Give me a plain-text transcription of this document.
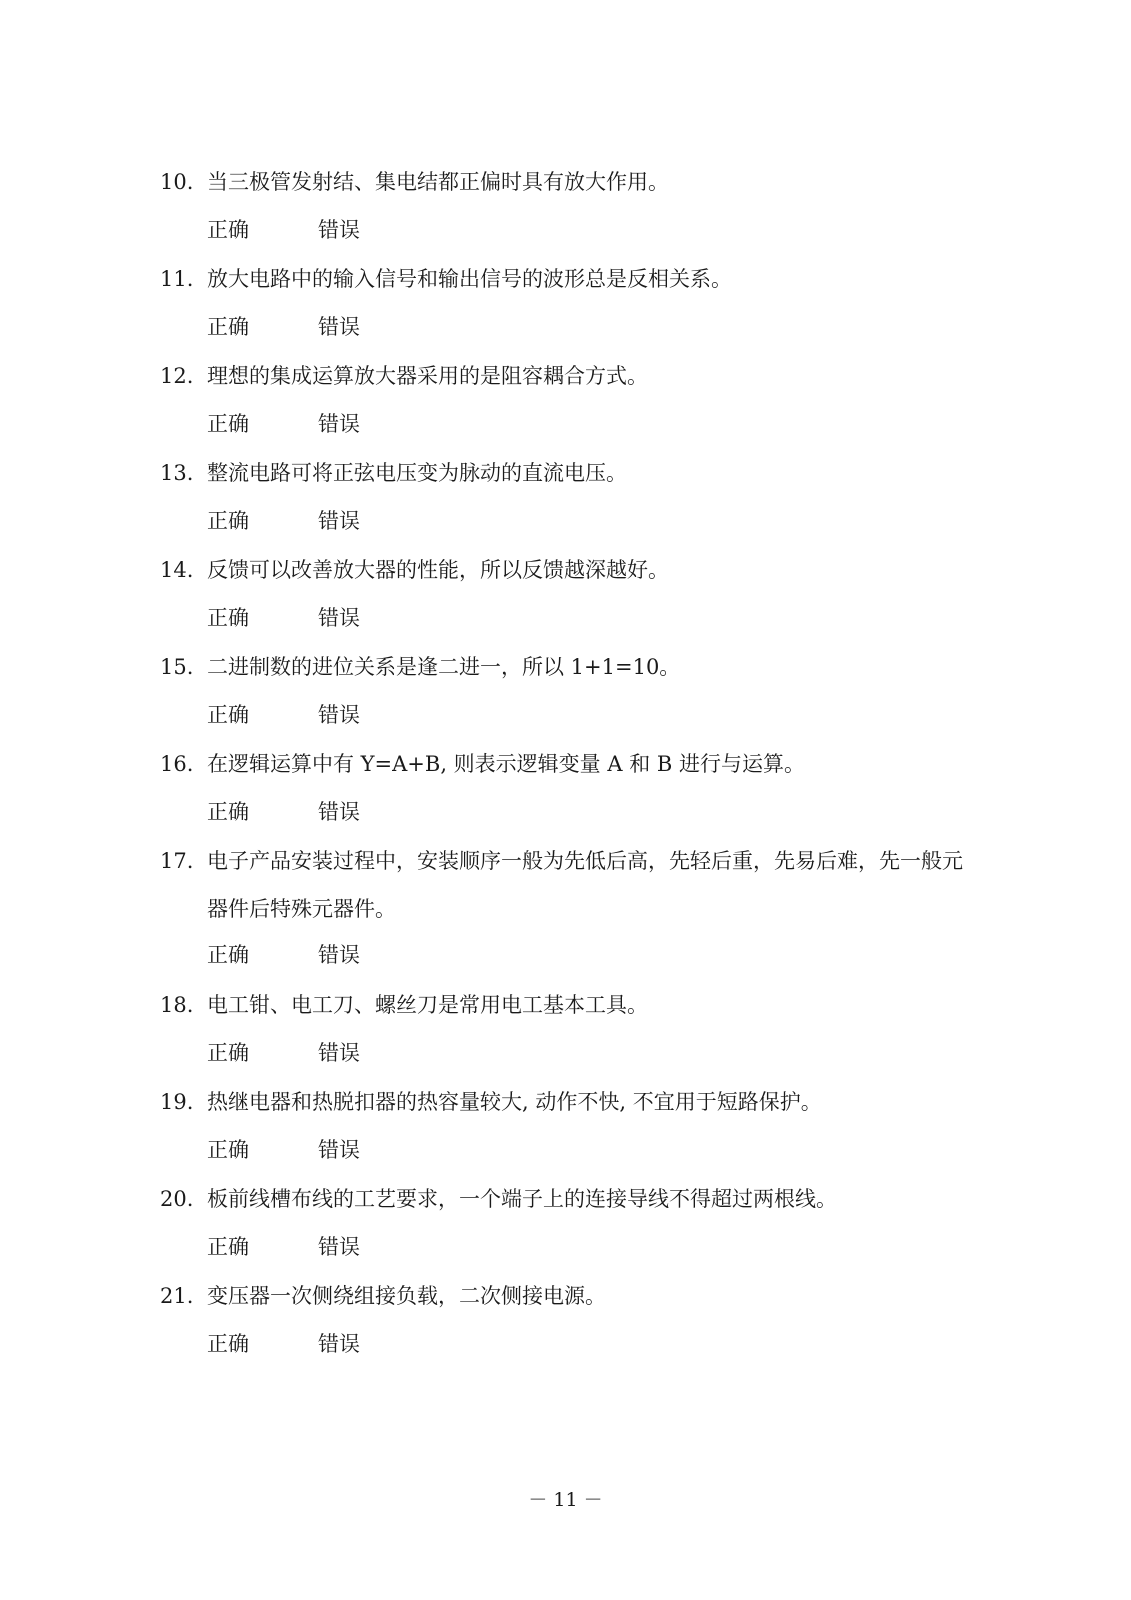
10. 当三极管发射结、集电结都正偏时具有放大作用。
正确	错误
11. 放大电路中的输入信号和输出信号的波形总是反相关系。
正确	错误
12. 理想的集成运算放大器采用的是阻容耦合方式。
正确	错误
13. 整流电路可将正弦电压变为脉动的直流电压。
正确	错误
14. 反馈可以改善放大器的性能，所以反馈越深越好。
正确	错误
15. 二进制数的进位关系是逢二进一，所以 1+1=10。
正确	错误
16. 在逻辑运算中有 Y=A+B, 则表示逻辑变量 A 和 B 进行与运算。
正确	错误
17. 电子产品安装过程中，安装顺序一般为先低后高，先轻后重，先易后难，先一般元器件后特殊元器件。
正确	错误
18. 电工钳、电工刀、螺丝刀是常用电工基本工具。
正确	错误
19. 热继电器和热脱扣器的热容量较大, 动作不快, 不宜用于短路保护。
正确	错误
20. 板前线槽布线的工艺要求，一个端子上的连接导线不得超过两根线。
正确	错误
21. 变压器一次侧绕组接负载，二次侧接电源。
正确	错误
－ 11 －
